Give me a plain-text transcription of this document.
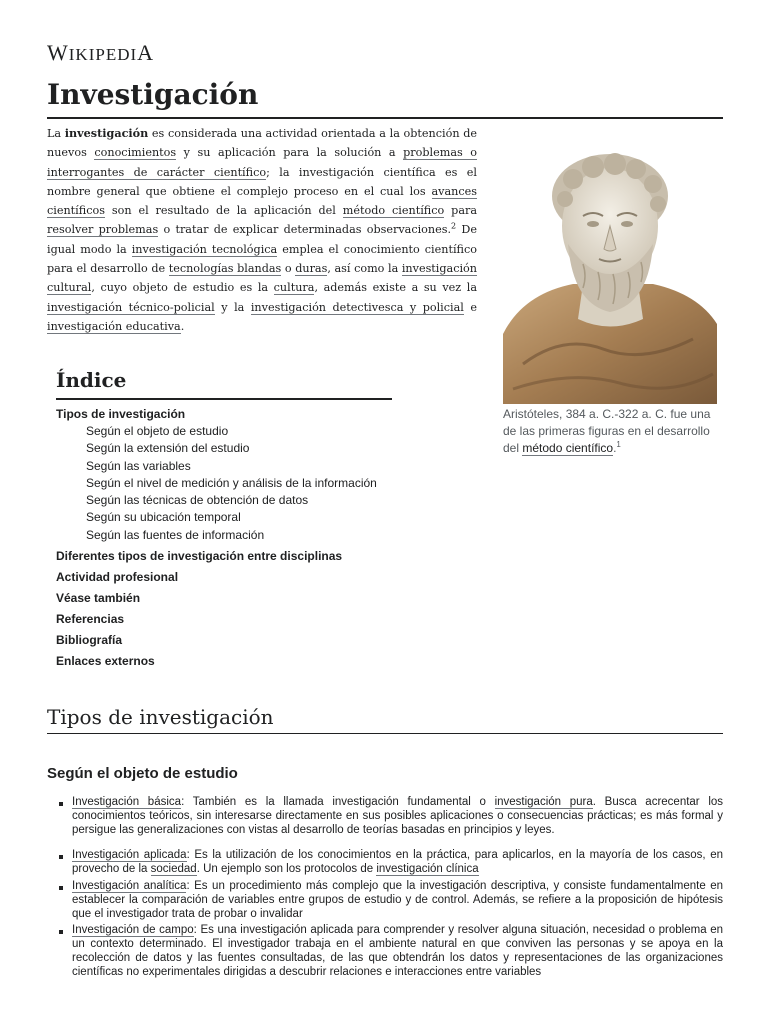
WIKIPEDIA
Investigación

La investigación es considerada una actividad orientada a la obtención de nuevos conocimientos y su aplicación para la solución a problemas o interrogantes de carácter científico; la investigación científica es el nombre general que obtiene el complejo proceso en el cual los avances científicos son el resultado de la aplicación del método científico para resolver problemas o tratar de explicar determinadas observaciones.$^2$ De igual modo la investigación tecnológica emplea el conocimiento científico para el desarrollo de tecnologías blandas o duras, así como la investigación cultural, cuyo objeto de estudio es la cultura, además existe a su vez la investigación técnico-policial y la investigación detectivesca y policial e investigación educativa.

Aristóteles, 384 a. C.-322 a. C. fue una de las primeras figuras en el desarrollo del método científico.$^1$
Índice
Tipos de investigación
Según el objeto de estudio
Según la extensión del estudio
Según las variables
Según el nivel de medición y análisis de la información
Según las técnicas de obtención de datos
Según su ubicación temporal
Según las fuentes de información
Diferentes tipos de investigación entre disciplinas
Actividad profesional
Véase también
Referencias
Bibliografía
Enlaces externos
Tipos de investigación
Según el objeto de estudio
Investigación básica: También es la llamada investigación fundamental o investigación pura. Busca acrecentar los conocimientos teóricos, sin interesarse directamente en sus posibles aplicaciones o consecuencias prácticas; es más formal y persigue las generalizaciones con vistas al desarrollo de teorías basadas en principios y leyes.
Investigación aplicada: Es la utilización de los conocimientos en la práctica, para aplicarlos, en la mayoría de los casos, en provecho de la sociedad. Un ejemplo son los protocolos de investigación clínica
Investigación analítica: Es un procedimiento más complejo que la investigación descriptiva, y consiste fundamentalmente en establecer la comparación de variables entre grupos de estudio y de control. Además, se refiere a la proposición de hipótesis que el investigador trata de probar o invalidar
Investigación de campo: Es una investigación aplicada para comprender y resolver alguna situación, necesidad o problema en un contexto determinado. El investigador trabaja en el ambiente natural en que conviven las personas y se apoya en la recolección de datos y las fuentes consultadas, de las que obtendrán los datos y representaciones de las organizaciones científicas no experimentales dirigidas a descubrir relaciones e interacciones entre variables
